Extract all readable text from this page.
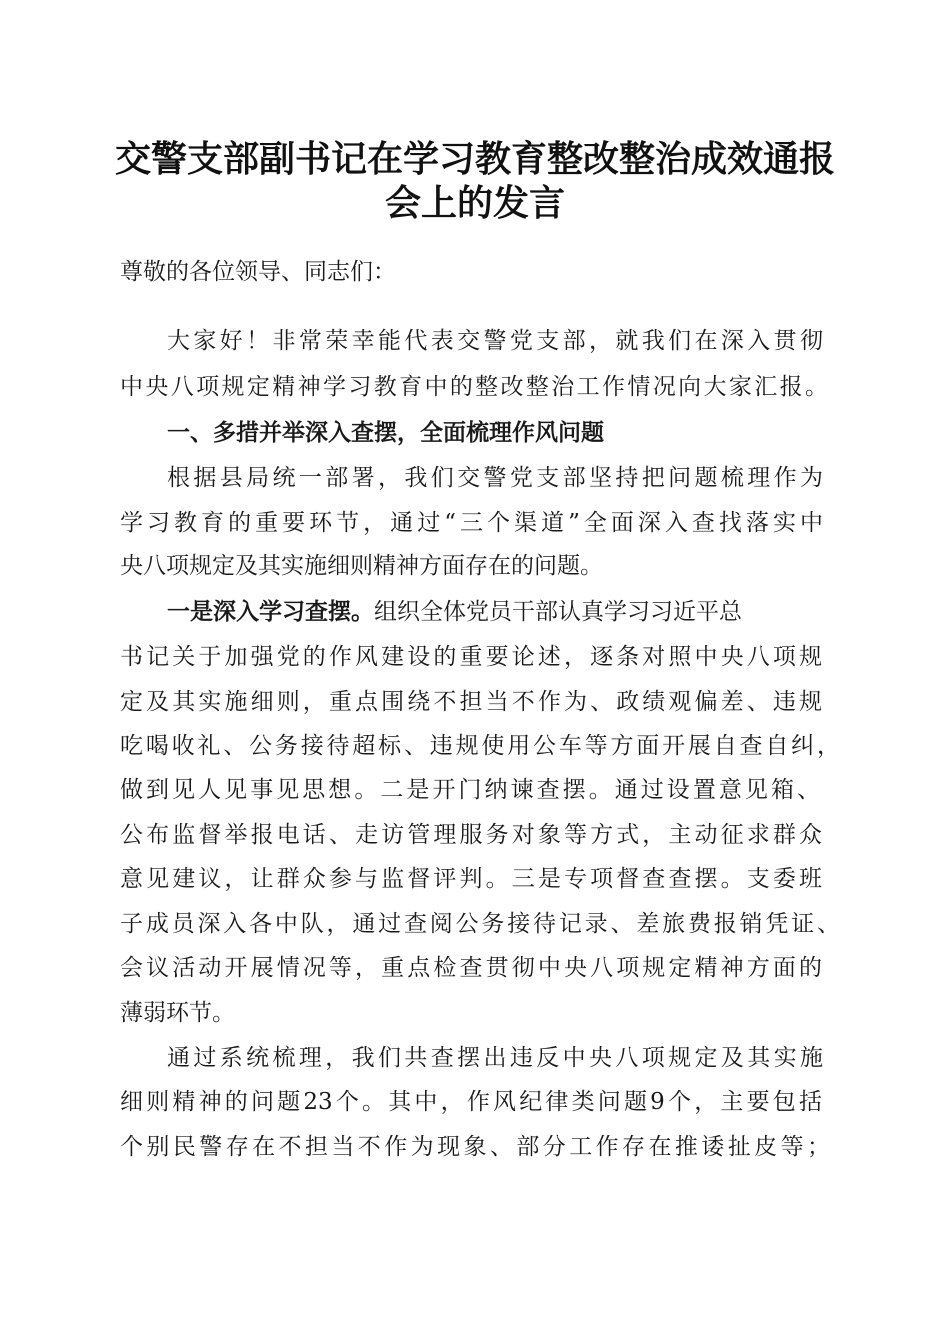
交警支部副书记在学习教育整改整治成效通报
会上的发言
尊敬的各位领导、同志们：
大家好！非常荣幸能代表交警党支部，就我们在深入贯彻
中央八项规定精神学习教育中的整改整治工作情况向大家汇报。
一、多措并举深入查摆，全面梳理作风问题
根据县局统一部署，我们交警党支部坚持把问题梳理作为
学习教育的重要环节，通过“三个渠道”全面深入查找落实中
央八项规定及其实施细则精神方面存在的问题。
一是深入学习查摆。组织全体党员干部认真学习习近平总
书记关于加强党的作风建设的重要论述，逐条对照中央八项规
定及其实施细则，重点围绕不担当不作为、政绩观偏差、违规
吃喝收礼、公务接待超标、违规使用公车等方面开展自查自纠，
做到见人见事见思想。二是开门纳谏查摆。通过设置意见箱、
公布监督举报电话、走访管理服务对象等方式，主动征求群众
意见建议，让群众参与监督评判。三是专项督查查摆。支委班
子成员深入各中队，通过查阅公务接待记录、差旅费报销凭证、
会议活动开展情况等，重点检查贯彻中央八项规定精神方面的
薄弱环节。
通过系统梳理，我们共查摆出违反中央八项规定及其实施
细则精神的问题23个。其中，作风纪律类问题9个，主要包括
个别民警存在不担当不作为现象、部分工作存在推诿扯皮等；
